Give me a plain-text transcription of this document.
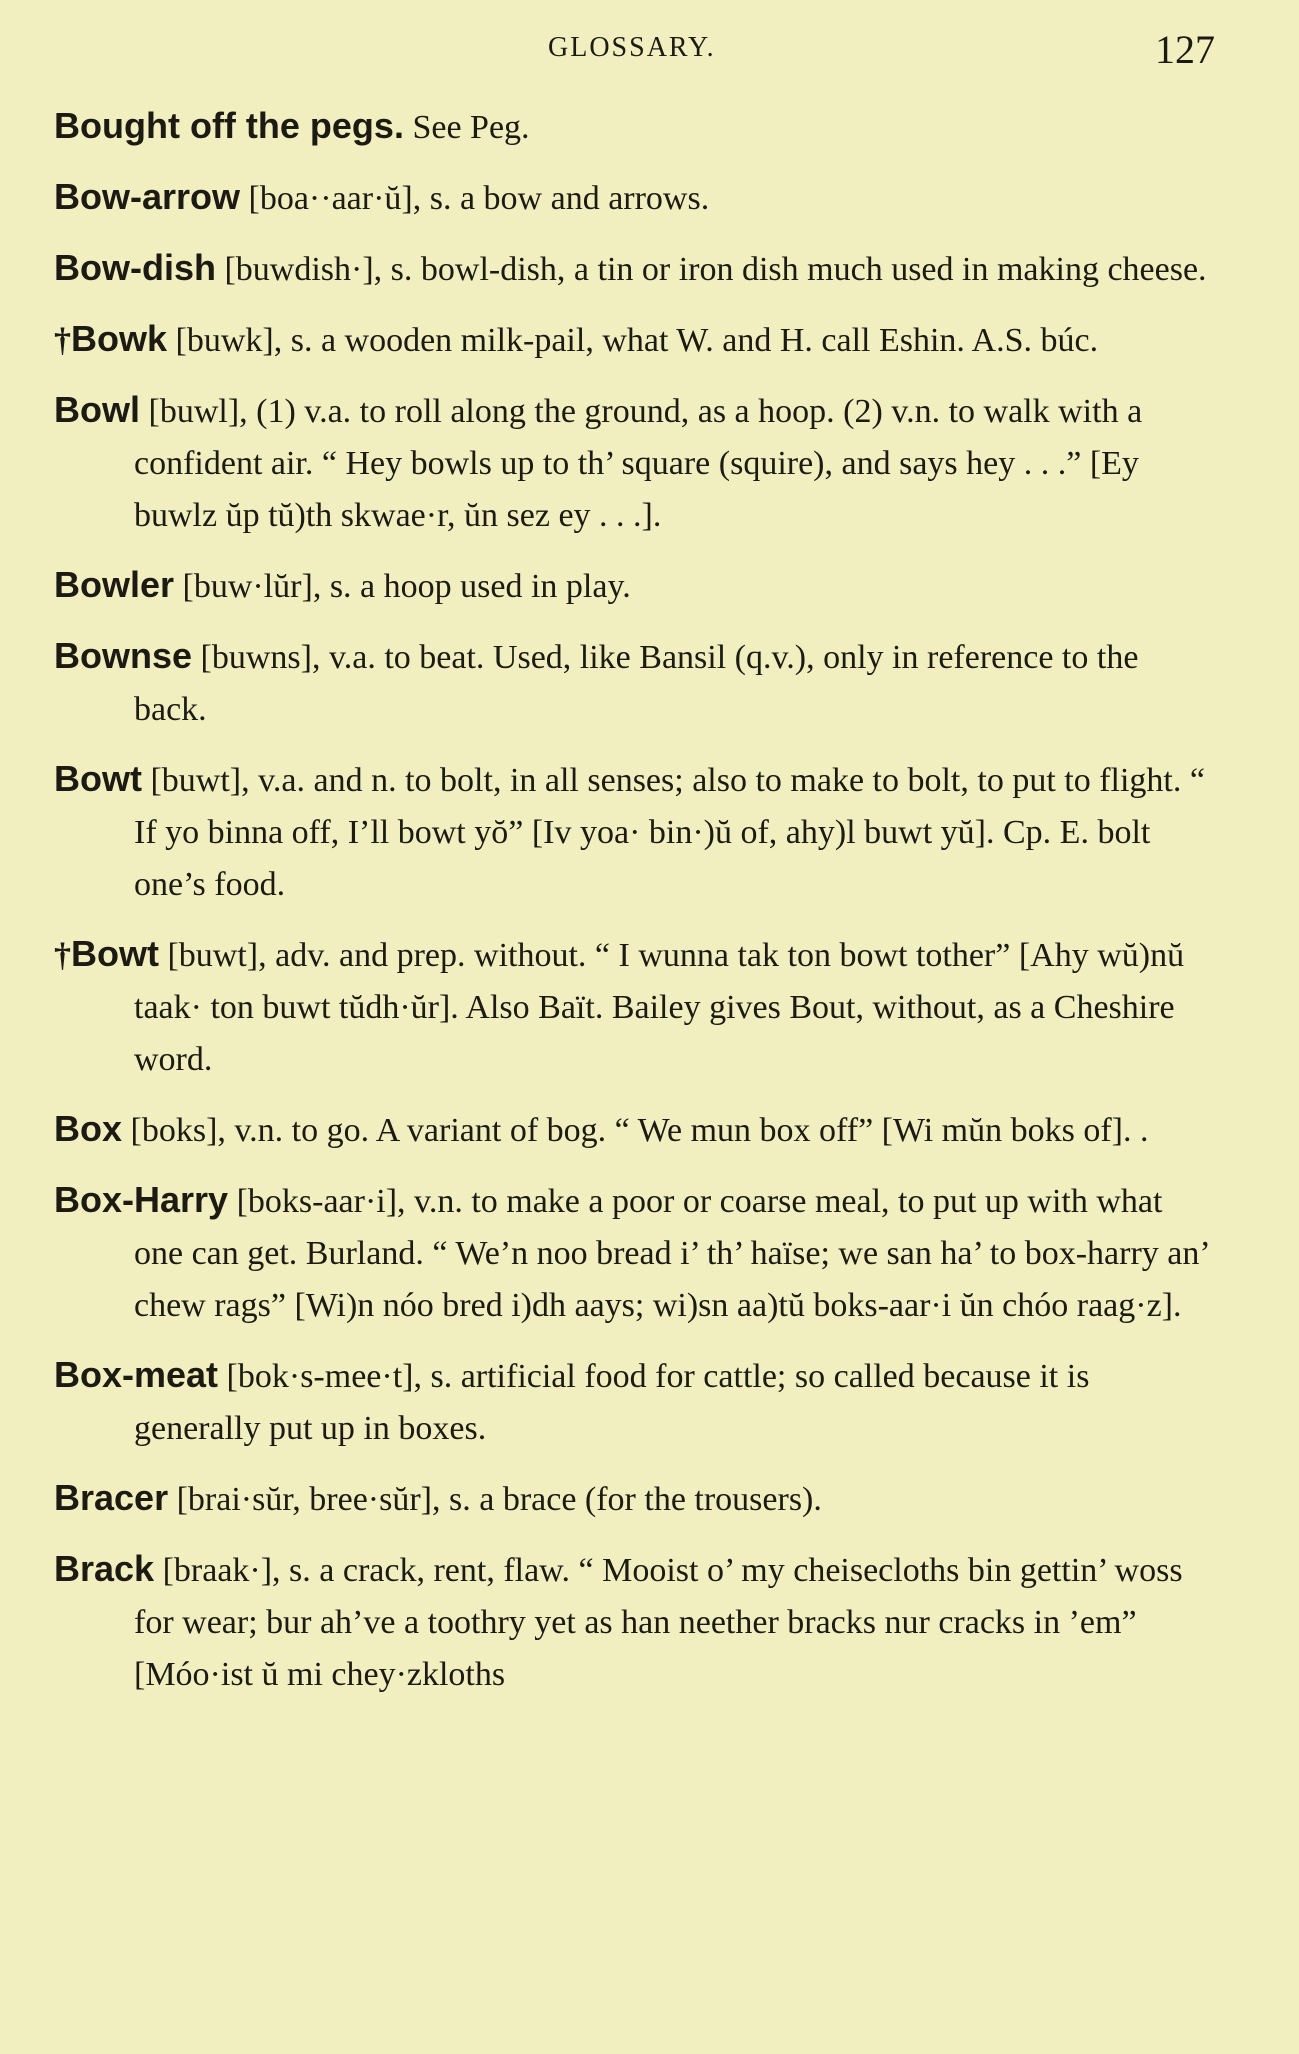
GLOSSARY.	127

Bought off the pegs. See Peg.

Bow-arrow [boa··aar·ŭ], s. a bow and arrows.

Bow-dish [buwdish·], s. bowl-dish, a tin or iron dish much used in making cheese.

†Bowk [buwk], s. a wooden milk-pail, what W. and H. call Eshin. A.S. búc.

Bowl [buwl], (1) v.a. to roll along the ground, as a hoop. (2) v.n. to walk with a confident air. “ Hey bowls up to th’ square (squire), and says hey . . .” [Ey buwlz ŭp tŭ)th skwae·r, ŭn sez ey . . .].

Bowler [buw·lŭr], s. a hoop used in play.

Bownse [buwns], v.a. to beat. Used, like Bansil (q.v.), only in reference to the back.

Bowt [buwt], v.a. and n. to bolt, in all senses; also to make to bolt, to put to flight. “ If yo binna off, I’ll bowt yŏ” [Iv yoa· bin·)ŭ of, ahy)l buwt yŭ]. Cp. E. bolt one’s food.

†Bowt [buwt], adv. and prep. without. “ I wunna tak ton bowt tother” [Ahy wŭ)nŭ taak· ton buwt tŭdh·ŭr]. Also Baït. Bailey gives Bout, without, as a Cheshire word.

Box [boks], v.n. to go. A variant of bog. “ We mun box off” [Wi mŭn boks of]. .

Box-Harry [boks-aar·i], v.n. to make a poor or coarse meal, to put up with what one can get. Burland. “ We’n noo bread i’ th’ haïse; we san ha’ to box-harry an’ chew rags” [Wi)n nóo bred i)dh aays; wi)sn aa)tŭ boks-aar·i ŭn chóo raag·z].

Box-meat [bok·s-mee·t], s. artificial food for cattle; so called because it is generally put up in boxes.

Bracer [brai·sŭr, bree·sŭr], s. a brace (for the trousers).

Brack [braak·], s. a crack, rent, flaw. “ Mooist o’ my cheisecloths bin gettin’ woss for wear; bur ah’ve a toothry yet as han neether bracks nur cracks in ’em” [Móo·ist ŭ mi chey·zkloths
